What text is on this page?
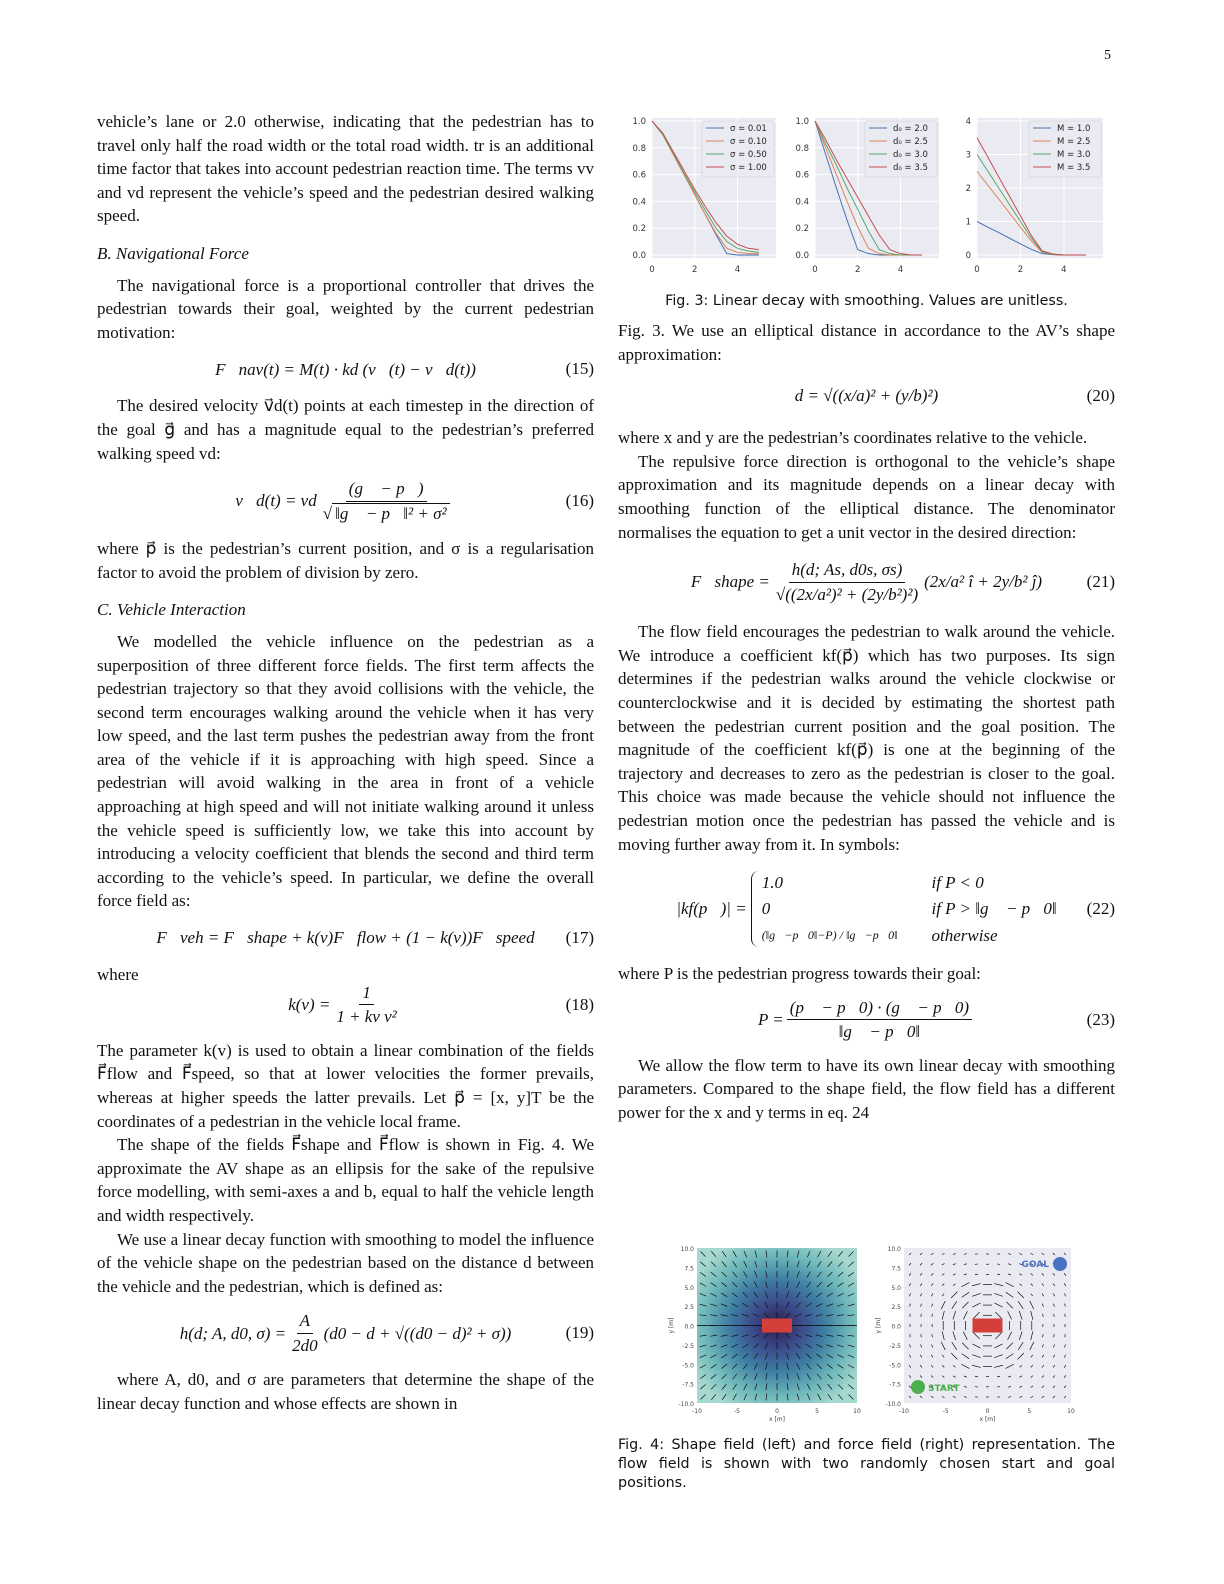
5

vehicle’s lane or 2.0 otherwise, indicating that the pedestrian has to travel only half the road width or the total road width. tr is an additional time factor that takes into account pedestrian reaction time. The terms vv and vd represent the vehicle’s speed and the pedestrian desired walking speed.

B. Navigational Force

The navigational force is a proportional controller that drives the pedestrian towards their goal, weighted by the current pedestrian motivation:

F⃗nav(t) = M(t) · kd (v⃗(t) − v⃗d(t))	(15)

The desired velocity v⃗d(t) points at each timestep in the direction of the goal g⃗ and has a magnitude equal to the pedestrian’s preferred walking speed vd:

v⃗d(t) = vd $\frac{(g⃗ - p⃗)}{\text{√ ‖g⃗ − p⃗‖² + σ²}}$	(16)

where p⃗ is the pedestrian’s current position, and σ is a regularisation factor to avoid the problem of division by zero.

C. Vehicle Interaction

We modelled the vehicle influence on the pedestrian as a superposition of three different force fields. The first term affects the pedestrian trajectory so that they avoid collisions with the vehicle, the second term encourages walking around the vehicle when it has very low speed, and the last term pushes the pedestrian away from the front area of the vehicle if it is approaching with high speed. Since a pedestrian will avoid walking in the area in front of a vehicle approaching at high speed and will not initiate walking around it unless the vehicle speed is sufficiently low, we take this into account by introducing a velocity coefficient that blends the second and third term according to the vehicle’s speed. In particular, we define the overall force field as:

F⃗veh = F⃗shape + k(v)F⃗flow + (1 − k(v))F⃗speed (17)

where

$k(v) = \frac{1}{\text{1 + kv v²}}$	(18)

The parameter k(v) is used to obtain a linear combination of the fields F⃗flow and F⃗speed, so that at lower velocities the former prevails, whereas at higher speeds the latter prevails. Let p⃗ = [x, y]T be the coordinates of a pedestrian in the vehicle local frame.

The shape of the fields F⃗shape and F⃗flow is shown in Fig. 4. We approximate the AV shape as an ellipsis for the sake of the repulsive force modelling, with semi-axes a and b, equal to half the vehicle length and width respectively.

We use a linear decay function with smoothing to model the influence of the vehicle shape on the pedestrian based on the distance d between the vehicle and the pedestrian, which is defined as:

h(d; A, d0, $\sigma) = \frac{A}{2d0} (d0 - d + √((d0 - d)^2 + \sigma))$	(19)

where A, d0, and σ are parameters that determine the shape of the linear decay function and whose effects are shown in

0.0
0.2
0.4
0.6
0.8
1.0
0	2	4
σ = 0.01
σ = 0.10
σ = 0.50
σ = 1.00
0.0
0.2
0.4
0.6
0.8
1.0
0	2	4
d₀ = 2.0
d₀ = 2.5
d₀ = 3.0
d₀ = 3.5
0
1
2
3
4
0	2	4
M = 1.0
M = 2.5
M = 3.0
M = 3.5
Fig. 3: Linear decay with smoothing. Values are unitless.

Fig. 3. We use an elliptical distance in accordance to the AV’s shape approximation:

d = √((x/a)² + (y/b)²)	(20)

where x and y are the pedestrian’s coordinates relative to the vehicle.

The repulsive force direction is orthogonal to the vehicle’s shape approximation and its magnitude depends on a linear decay with smoothing function of the elliptical distance. The denominator normalises the equation to get a unit vector in the desired direction:

F⃗shape = $\frac{h(d; As, d0s, \sigma s)}{\text{√((2x/a²)² + (2y/b²)²)}} (2x/a^2$ î + 2y/b² ĵ)	(21)

The flow field encourages the pedestrian to walk around the vehicle. We introduce a coefficient kf(p⃗) which has two purposes. Its sign determines if the pedestrian walks around the vehicle clockwise or counterclockwise and it is decided by estimating the shortest path between the pedestrian current position and the goal position. The magnitude of the coefficient kf(p⃗) is one at the beginning of the trajectory and decreases to zero as the pedestrian is closer to the goal. This choice was made because the vehicle should not influence the pedestrian motion once the pedestrian has passed the vehicle and is moving further away from it. In symbols:

|kf(p⃗)| =
1.0	if P < 0
0	if P > ‖g⃗ − p⃗0‖
(‖g⃗−p⃗0‖−P) / ‖g⃗−p⃗0‖ otherwise
(22)

where P is the pedestrian progress towards their goal:

$P = \frac{(p⃗ - p⃗0) \cdot (g⃗ - p⃗0)}{‖g⃗ - p⃗0‖}$	(23)

We allow the flow term to have its own linear decay with smoothing parameters. Compared to the shape field, the flow field has a different power for the x and y terms in eq. 24

-10	-5	0	5	10
10.0
7.5
5.0
2.5
0.0
-2.5
-5.0
-7.5
-10.0
x [m]
y [m]
-10	-5	0	5	10
10.0
7.5
5.0
2.5
0.0
-2.5
-5.0
-7.5
-10.0
x [m]
y [m]
GOAL
START
Fig. 4: Shape field (left) and force field (right) representation. The flow field is shown with two randomly chosen start and goal positions.
